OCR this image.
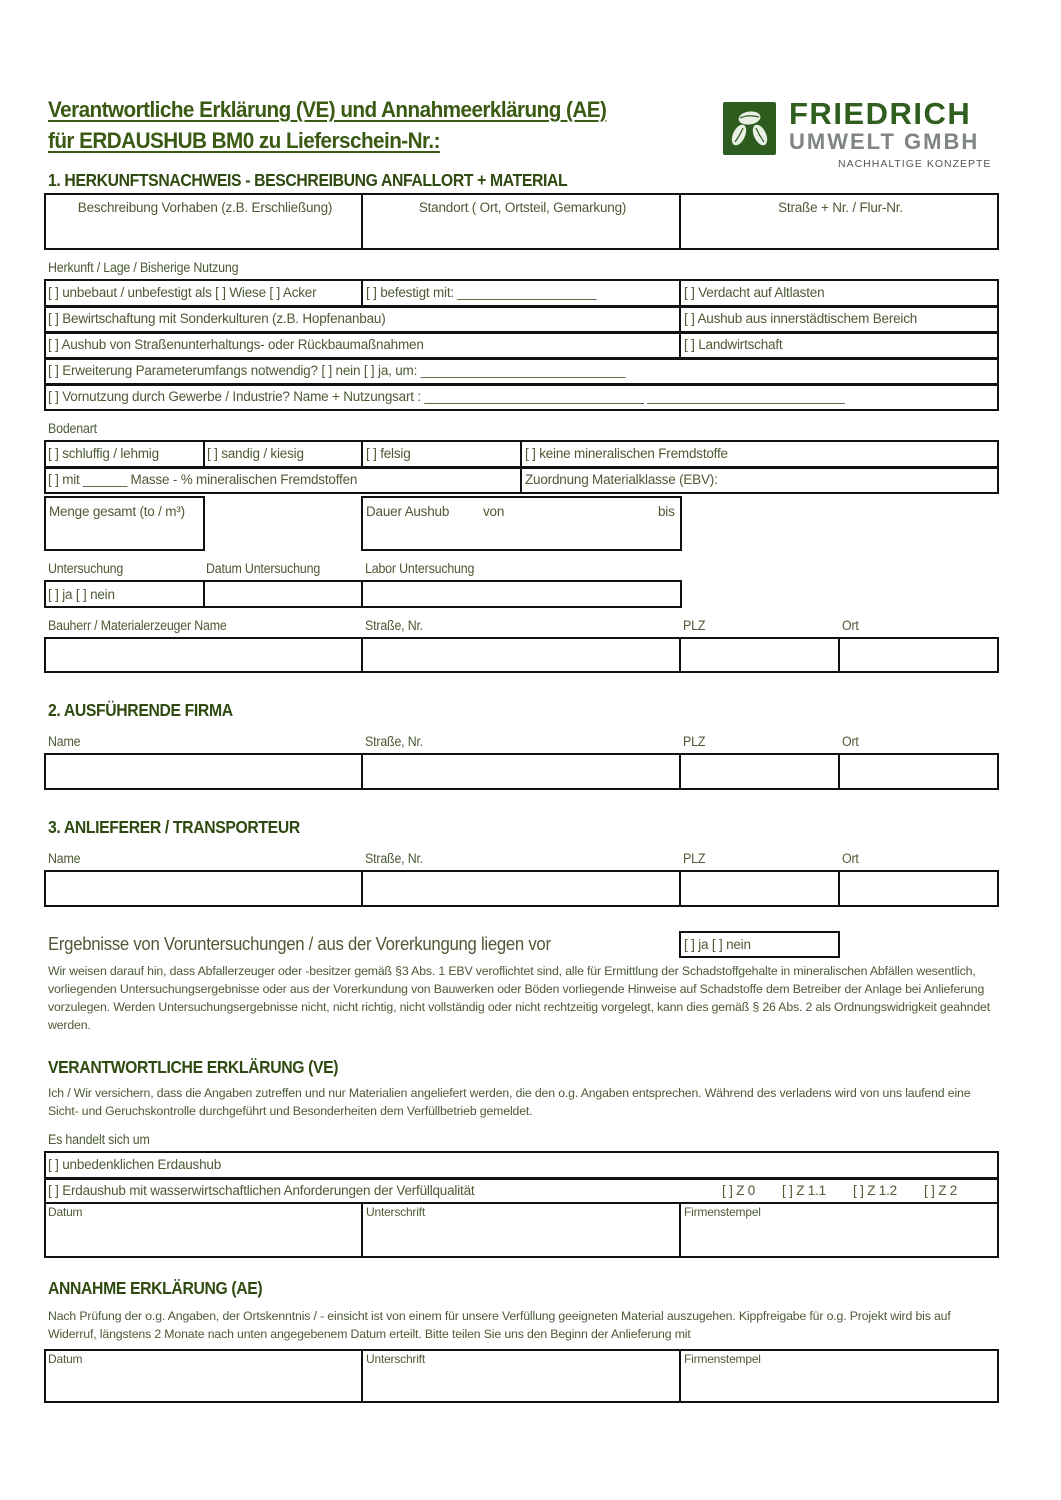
Verantwortliche Erklärung (VE) und Annahmeerklärung (AE)
für ERDAUSHUB BM0 zu Lieferschein-Nr.:
FRIEDRICH
UMWELT GMBH
NACHHALTIGE KONZEPTE
1. HERKUNFTSNACHWEIS - BESCHREIBUNG ANFALLORT + MATERIAL
Beschreibung Vorhaben (z.B. Erschließung)	Standort ( Ort, Ortsteil, Gemarkung)	Straße + Nr. / Flur-Nr.
Herkunft / Lage / Bisherige Nutzung
[ ] unbebaut / unbefestigt als [ ] Wiese [ ] Acker	[ ] befestigt mit: ___________________	[ ] Verdacht auf Altlasten
[ ] Bewirtschaftung mit Sonderkulturen (z.B. Hopfenanbau)	[ ] Aushub aus innerstädtischem Bereich
[ ] Aushub von Straßenunterhaltungs- oder Rückbaumaßnahmen	[ ] Landwirtschaft
[ ] Erweiterung Parameterumfangs notwendig? [ ] nein [ ] ja, um: ____________________________
[ ] Vornutzung durch Gewerbe / Industrie? Name + Nutzungsart : ______________________________ ___________________________
Bodenart
[ ] schluffig / lehmig	[ ] sandig / kiesig	[ ] felsig	[ ] keine mineralischen Fremdstoffe
[ ] mit ______ Masse - % mineralischen Fremdstoffen	Zuordnung Materialklasse (EBV):
Menge gesamt (to / m³)	Dauer Aushub	von	bis
Untersuchung	Datum Untersuchung	Labor Untersuchung
[ ] ja [ ] nein
Bauherr / Materialerzeuger Name	Straße, Nr.	PLZ	Ort
2. AUSFÜHRENDE FIRMA
Name	Straße, Nr.	PLZ	Ort
3. ANLIEFERER / TRANSPORTEUR
Name	Straße, Nr.	PLZ	Ort
Ergebnisse von Voruntersuchungen / aus der Vorerkungung liegen vor	[ ] ja [ ] nein
Wir weisen darauf hin, dass Abfallerzeuger oder -besitzer gemäß §3 Abs. 1 EBV veroflichtet sind, alle für Ermittlung der Schadstoffgehalte in mineralischen Abfällen wesentlich, vorliegenden Untersuchungsergebnisse oder aus der Vorerkundung von Bauwerken oder Böden vorliegende Hinweise auf Schadstoffe dem Betreiber der Anlage bei Anlieferung vorzulegen. Werden Untersuchungsergebnisse nicht, nicht richtig, nicht vollständig oder nicht rechtzeitig vorgelegt, kann dies gemäß § 26 Abs. 2 als Ordnungswidrigkeit geahndet werden.
VERANTWORTLICHE ERKLÄRUNG (VE)
Ich / Wir versichern, dass die Angaben zutreffen und nur Materialien angeliefert werden, die den o.g. Angaben entsprechen. Während des verladens wird von uns laufend eine Sicht- und Geruchskontrolle durchgeführt und Besonderheiten dem Verfüllbetrieb gemeldet.
Es handelt sich um
[ ] unbedenklichen Erdaushub
[ ] Erdaushub mit wasserwirtschaftlichen Anforderungen der Verfüllqualität	[ ] Z 0 [ ] Z 1.1 [ ] Z 1.2 [ ] Z 2
Datum	Unterschrift	Firmenstempel
ANNAHME ERKLÄRUNG (AE)
Nach Prüfung der o.g. Angaben, der Ortskenntnis / - einsicht ist von einem für unsere Verfüllung geeigneten Material auszugehen. Kippfreigabe für o.g. Projekt wird bis auf Widerruf, längstens 2 Monate nach unten angegebenem Datum erteilt. Bitte teilen Sie uns den Beginn der Anlieferung mit
Datum	Unterschrift	Firmenstempel
